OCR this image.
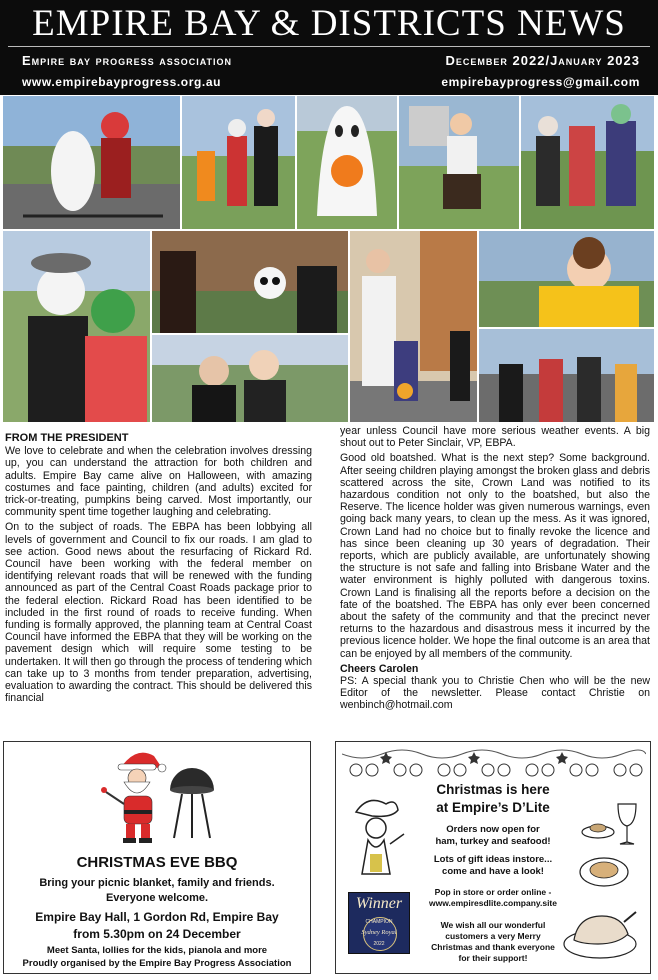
EMPIRE BAY & DISTRICTS NEWS
Empire bay progress association	December 2022/January 2023
www.empirebayprogress.org.au	empirebayprogress@gmail.com
FROM THE PRESIDENT

We love to celebrate and when the celebration involves dressing up, you can understand the attraction for both children and adults. Empire Bay came alive on Halloween, with amazing costumes and face painting, children (and adults) excited for trick-or-treating, pumpkins being carved. Most importantly, our community spent time together laughing and celebrating.

On to the subject of roads. The EBPA has been lobbying all levels of government and Council to fix our roads. I am glad to see action. Good news about the resurfacing of Rickard Rd. Council have been working with the federal member on identifying relevant roads that will be renewed with the funding announced as part of the Central Coast Roads package prior to the federal election. Rickard Road has been identified to be included in the first round of roads to receive funding. When funding is formally approved, the planning team at Central Coast Council have informed the EBPA that they will be working on the pavement design which will require some testing to be undertaken. It will then go through the process of tendering which can take up to 3 months from tender preparation, advertising, evaluation to awarding the contract. This should be delivered this financial

year unless Council have more serious weather events. A big shout out to Peter Sinclair, VP, EBPA.

Good old boatshed. What is the next step? Some background. After seeing children playing amongst the broken glass and debris scattered across the site, Crown Land was notified to its hazardous condition not only to the boatshed, but also the Reserve. The licence holder was given numerous warnings, even going back many years, to clean up the mess. As it was ignored, Crown Land had no choice but to finally revoke the licence and has since been cleaning up 30 years of degradation. Their reports, which are publicly available, are unfortunately showing the structure is not safe and falling into Brisbane Water and the water environment is highly polluted with dangerous toxins. Crown Land is finalising all the reports before a decision on the fate of the boatshed. The EBPA has only ever been concerned about the safety of the community and that the precinct never returns to the hazardous and disastrous mess it incurred by the previous licence holder. We hope the final outcome is an area that can be enjoyed by all members of the community.

Cheers Carolen

PS: A special thank you to Christie Chen who will be the new Editor of the newsletter. Please contact Christie on wenbinch@hotmail.com

CHRISTMAS EVE BBQ
Bring your picnic blanket, family and friends.
Everyone welcome.
Empire Bay Hall, 1 Gordon Rd, Empire Bay
from 5.30pm on 24 December
Meet Santa, lollies for the kids, pianola and more
Proudly organised by the Empire Bay Progress Association
Winner
CHAMPION
Sydney Royal
2022
Christmas is here
at Empire’s D’Lite
Orders now open for
ham, turkey and seafood!
Lots of gift ideas instore...
come and have a look!
Pop in store or order online -
www.empiresdlite.company.site
We wish all our wonderful
customers a very Merry
Christmas and thank everyone
for their support!
